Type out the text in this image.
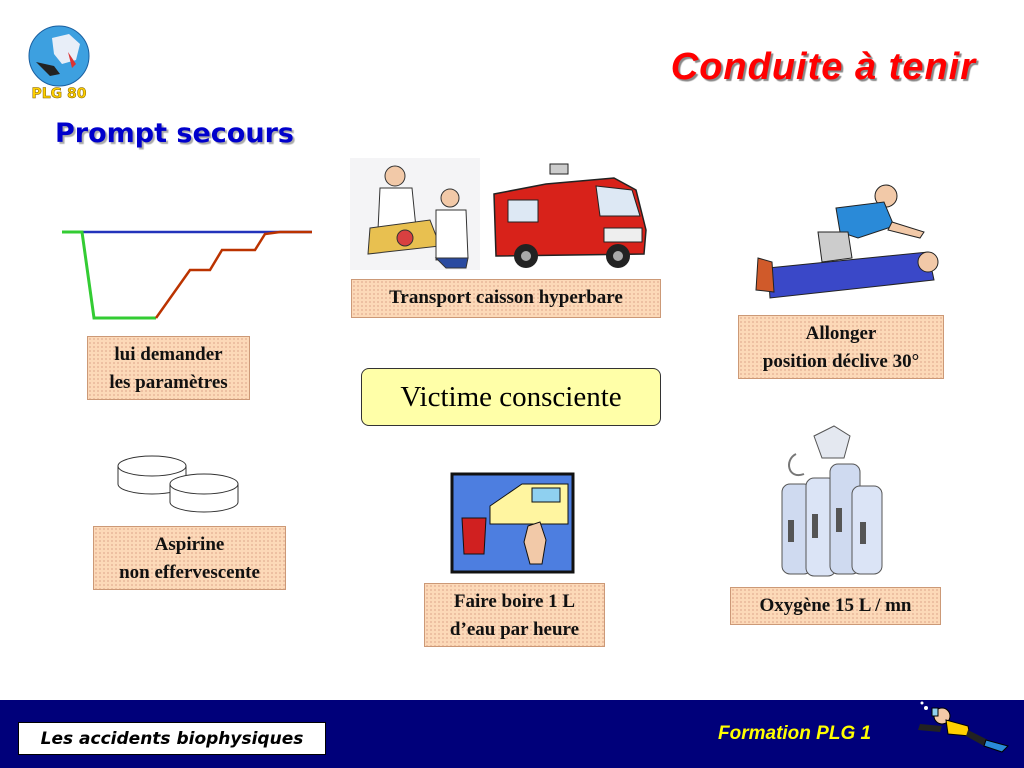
PLG 80
Conduite à tenir
Prompt secours
lui demander
les paramètres
Transport caisson hyperbare
Allonger
position déclive 30°
Victime consciente
Aspirine
non effervescente
Faire boire 1 L
d’eau par heure
Oxygène 15 L / mn
Les accidents biophysiques	Formation PLG 1
